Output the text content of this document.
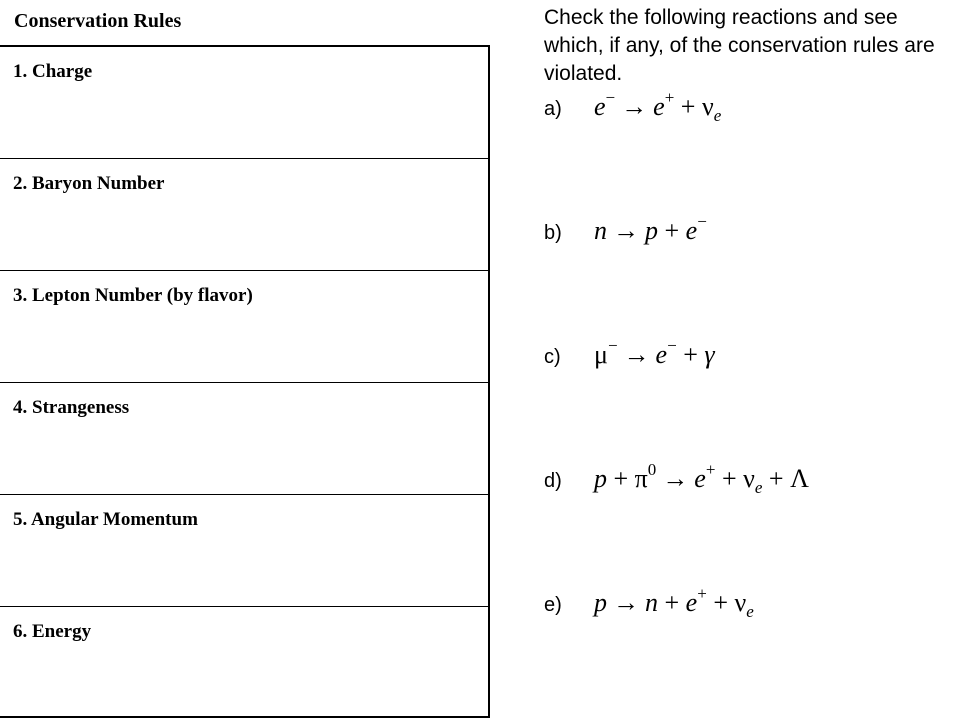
Conservation Rules
1. Charge
2. Baryon Number
3. Lepton Number (by flavor)
4. Strangeness
5. Angular Momentum
6. Energy
Check the following reactions and see which, if any, of the conservation rules are violated.
a) $e^- \to e^+ + \nu_e$
b) n → p + e−
c) μ− → e− + γ
d) $p + \pi^0 \to e^+ + \nu_e + \Lambda$
e) $p \to n + e^+ + \nu_e$
